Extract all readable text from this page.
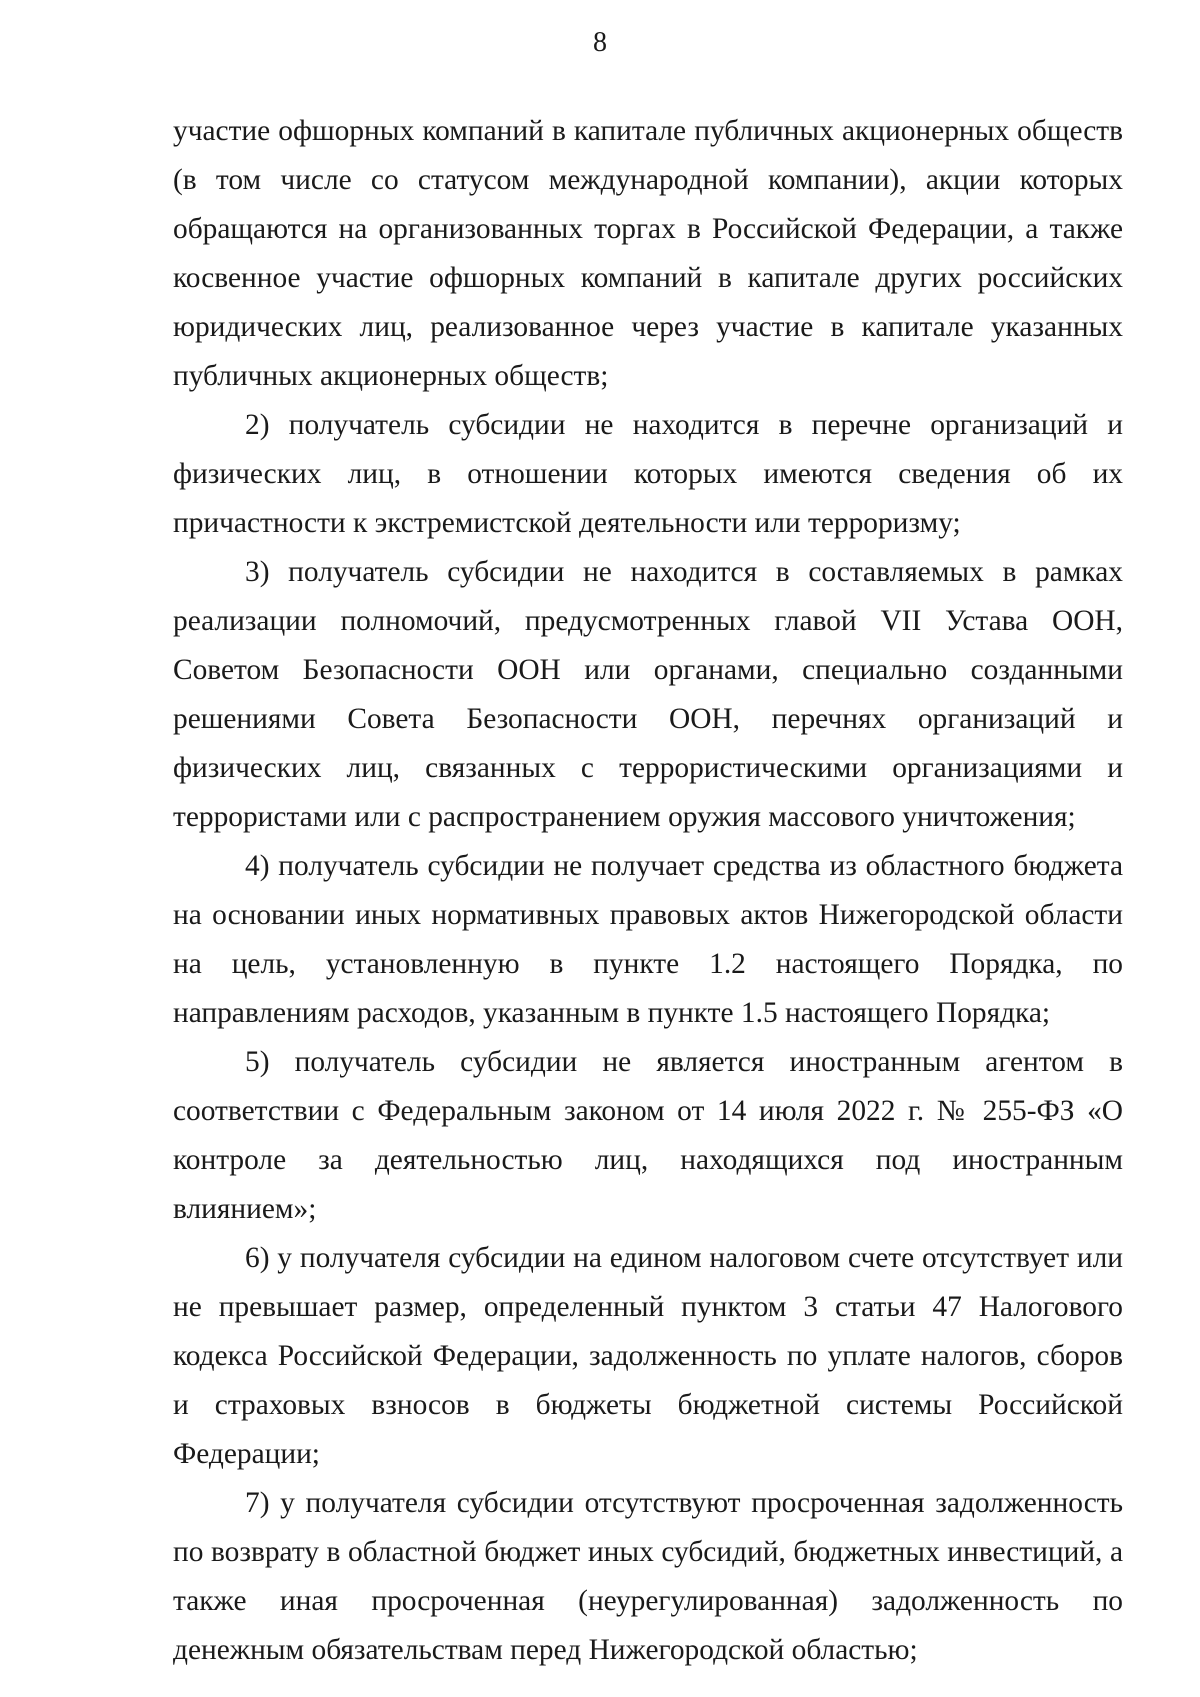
8

участие офшорных компаний в капитале публичных акционерных обществ (в том числе со статусом международной компании), акции которых обращаются на организованных торгах в Российской Федерации, а также косвенное участие офшорных компаний в капитале других российских юридических лиц, реализованное через участие в капитале указанных публичных акционерных обществ;

2) получатель субсидии не находится в перечне организаций и физических лиц, в отношении которых имеются сведения об их причастности к экстремистской деятельности или терроризму;

3) получатель субсидии не находится в составляемых в рамках реализации полномочий, предусмотренных главой VII Устава ООН, Советом Безопасности ООН или органами, специально созданными решениями Совета Безопасности ООН, перечнях организаций и физических лиц, связанных с террористическими организациями и террористами или с распространением оружия массового уничтожения;

4) получатель субсидии не получает средства из областного бюджета на основании иных нормативных правовых актов Нижегородской области на цель, установленную в пункте 1.2 настоящего Порядка, по направлениям расходов, указанным в пункте 1.5 настоящего Порядка;

5) получатель субсидии не является иностранным агентом в соответствии с Федеральным законом от 14 июля 2022 г. № 255-ФЗ «О контроле за деятельностью лиц, находящихся под иностранным влиянием»;

6) у получателя субсидии на едином налоговом счете отсутствует или не превышает размер, определенный пунктом 3 статьи 47 Налогового кодекса Российской Федерации, задолженность по уплате налогов, сборов и страховых взносов в бюджеты бюджетной системы Российской Федерации;

7) у получателя субсидии отсутствуют просроченная задолженность по возврату в областной бюджет иных субсидий, бюджетных инвестиций, а также иная просроченная (неурегулированная) задолженность по денежным обязательствам перед Нижегородской областью;
